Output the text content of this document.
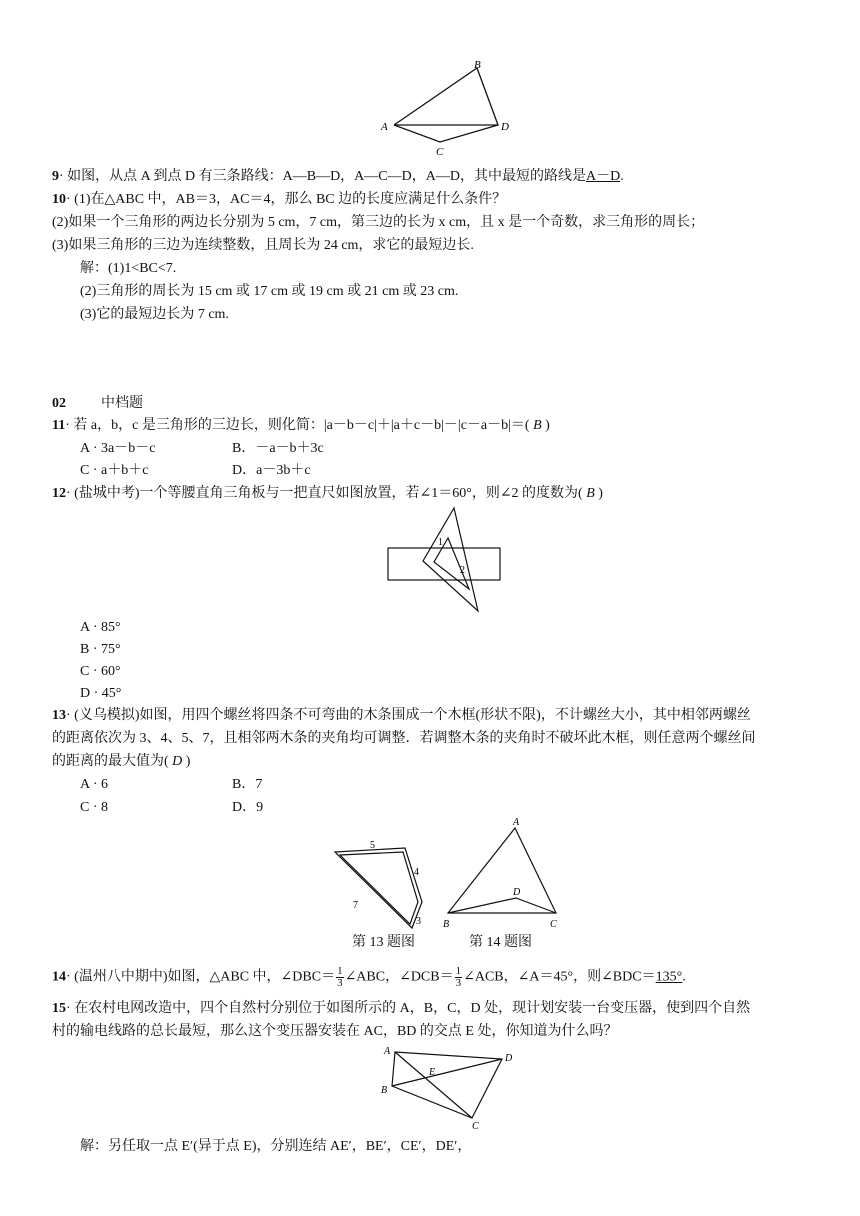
A
B
C
D
9· 如图，从点 A 到点 D 有三条路线：A—B—D，A—C—D，A—D，其中最短的路线是A－D.
10· (1)在△ABC 中，AB＝3，AC＝4，那么 BC 边的长度应满足什么条件？
(2)如果一个三角形的两边长分别为 5 cm，7 cm，第三边的长为 x cm，且 x 是一个奇数，求三角形的周长；
(3)如果三角形的三边为连续整数，且周长为 24 cm，求它的最短边长.
解：(1)1<BC<7.
(2)三角形的周长为 15 cm 或 17 cm 或 19 cm 或 21 cm 或 23 cm.
(3)它的最短边长为 7 cm.
02	中档题
11· 若 a，b，c 是三角形的三边长，则化简：|a－b－c|＋|a＋c－b|－|c－a－b|＝( B )
A · 3a－b－c	B．－a－b＋3c
C · a＋b＋c	D．a－3b＋c
12· (盐城中考)一个等腰直角三角板与一把直尺如图放置，若∠1＝60°，则∠2 的度数为( B )
1
2
A · 85°
B · 75°
C · 60°
D · 45°
13· (义乌模拟)如图，用四个螺丝将四条不可弯曲的木条围成一个木框(形状不限)，不计螺丝大小，其中相邻两螺丝
的距离依次为 3、4、5、7，且相邻两木条的夹角均可调整．若调整木条的夹角时不破坏此木框，则任意两个螺丝间
的距离的最大值为( D )
A · 6	B．7
C · 8	D．9
5
4
7
3
A
D
B	C
第 13 题图	第 14 题图
14· (温州八中期中)如图，△ABC 中，∠DBC＝ $\frac{1}{3}$ ∠ABC，∠DCB＝ $\frac{1}{3}$ ∠ACB，∠A＝45°，则∠BDC＝135°.
15· 在农村电网改造中，四个自然村分别位于如图所示的 A，B，C，D 处，现计划安装一台变压器，使到四个自然
村的输电线路的总长最短，那么这个变压器安装在 AC，BD 的交点 E 处，你知道为什么吗？
A
D
E
B
C
解：另任取一点 E′(异于点 E)，分别连结 AE′，BE′，CE′，DE′，
